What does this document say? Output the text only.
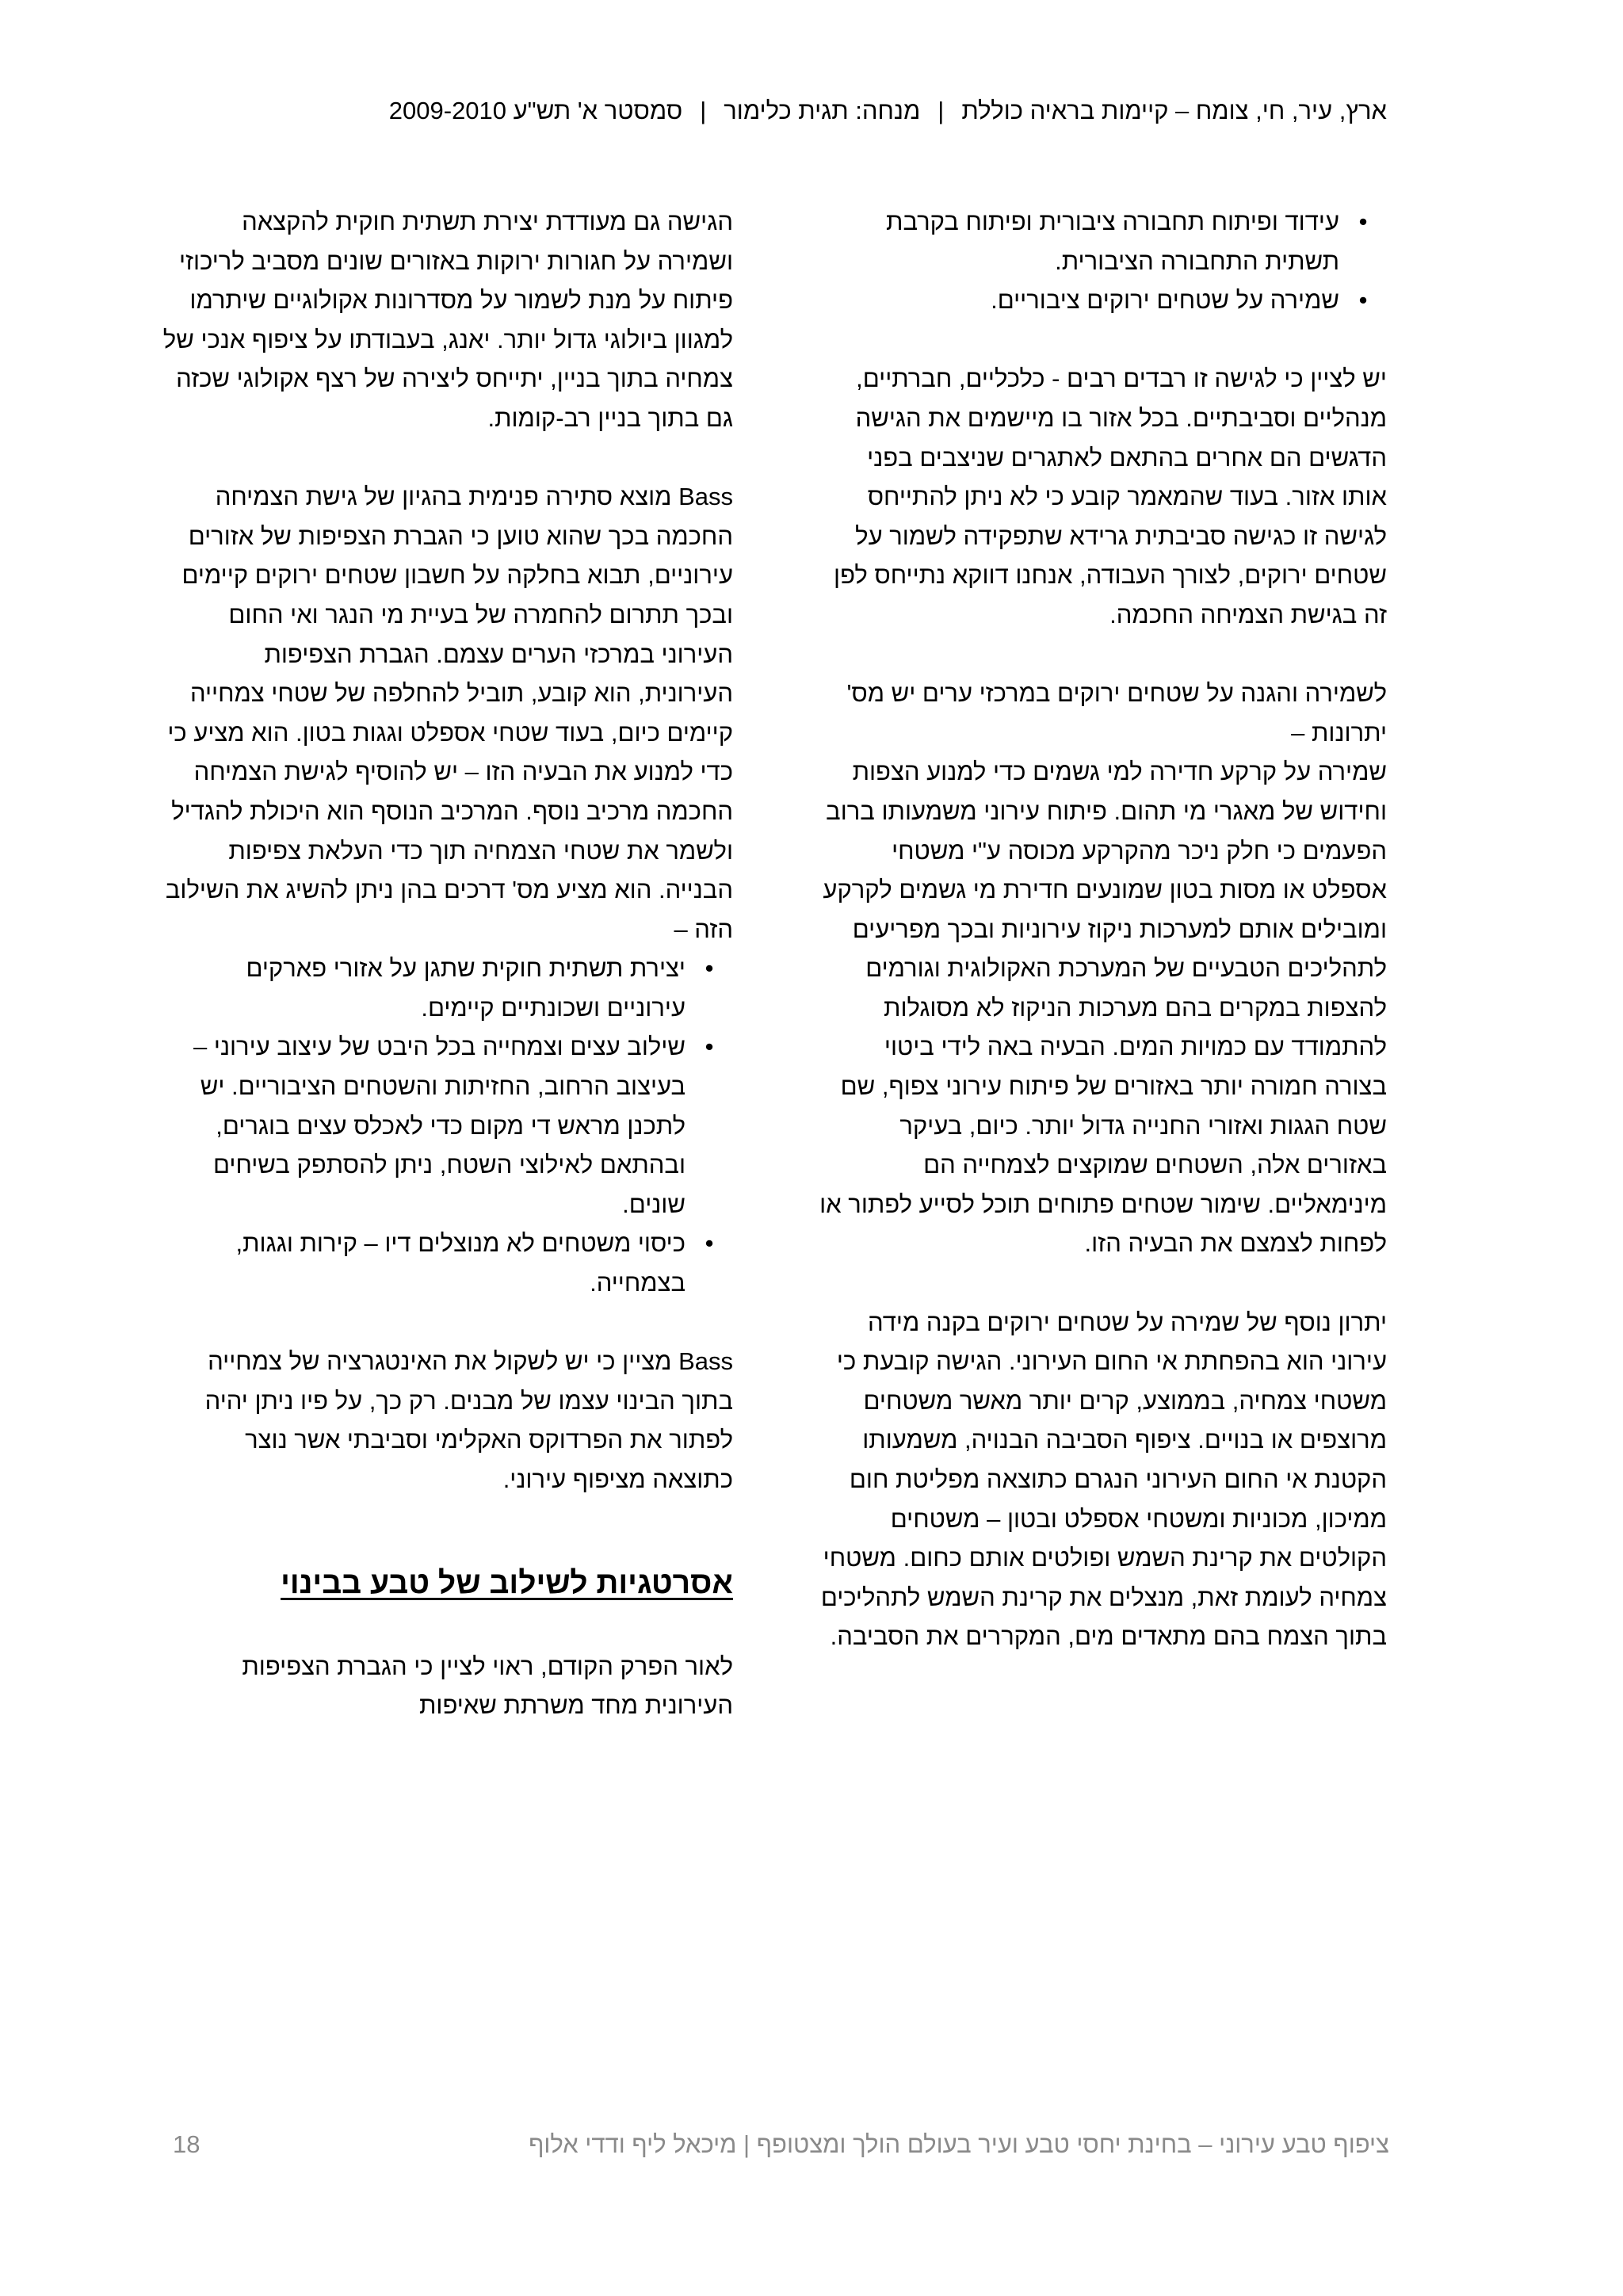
ארץ, עיר, חי, צומח – קיימות בראיה כוללת|מנחה: תגית כלימור|סמסטר א' תש"ע 2009-2010
• עידוד ופיתוח תחבורה ציבורית ופיתוח בקרבת תשתית התחבורה הציבורית.
• שמירה על שטחים ירוקים ציבוריים.

יש לציין כי לגישה זו רבדים רבים - כלכליים, חברתיים, מנהליים וסביבתיים. בכל אזור בו מיישמים את הגישה הדגשים הם אחרים בהתאם לאתגרים שניצבים בפני אותו אזור. בעוד שהמאמר קובע כי לא ניתן להתייחס לגישה זו כגישה סביבתית גרידא שתפקידה לשמור על שטחים ירוקים, לצורך העבודה, אנחנו דווקא נתייחס לפן זה בגישת הצמיחה החכמה.

לשמירה והגנה על שטחים ירוקים במרכזי ערים יש מס' יתרונות –

שמירה על קרקע חדירה למי גשמים כדי למנוע הצפות וחידוש של מאגרי מי תהום. פיתוח עירוני משמעותו ברוב הפעמים כי חלק ניכר מהקרקע מכוסה ע"י משטחי אספלט או מסות בטון שמונעים חדירת מי גשמים לקרקע ומובילים אותם למערכות ניקוז עירוניות ובכך מפריעים לתהליכים הטבעיים של המערכת האקולוגית וגורמים להצפות במקרים בהם מערכות הניקוז לא מסוגלות להתמודד עם כמויות המים. הבעיה באה לידי ביטוי בצורה חמורה יותר באזורים של פיתוח עירוני צפוף, שם שטח הגגות ואזורי החנייה גדול יותר. כיום, בעיקר באזורים אלה, השטחים שמוקצים לצמחייה הם מינימאליים. שימור שטחים פתוחים תוכל לסייע לפתור או לפחות לצמצם את הבעיה הזו.

יתרון נוסף של שמירה על שטחים ירוקים בקנה מידה עירוני הוא בהפחתת אי החום העירוני. הגישה קובעת כי משטחי צמחיה, בממוצע, קרים יותר מאשר משטחים מרוצפים או בנויים. ציפוף הסביבה הבנויה, משמעותו הקטנת אי החום העירוני הנגרם כתוצאה מפליטת חום ממיכון, מכוניות ומשטחי אספלט ובטון – משטחים הקולטים את קרינת השמש ופולטים אותם כחום. משטחי צמחיה לעומת זאת, מנצלים את קרינת השמש לתהליכים בתוך הצמח בהם מתאדים מים, המקררים את הסביבה.

הגישה גם מעודדת יצירת תשתית חוקית להקצאה ושמירה על חגורות ירוקות באזורים שונים מסביב לריכוזי פיתוח על מנת לשמור על מסדרונות אקולוגיים שיתרמו למגוון ביולוגי גדול יותר. יאנג, בעבודתו על ציפוף אנכי של צמחיה בתוך בניין, יתייחס ליצירה של רצף אקולוגי שכזה גם בתוך בניין רב-קומות.

Bass מוצא סתירה פנימית בהגיון של גישת הצמיחה החכמה בכך שהוא טוען כי הגברת הצפיפות של אזורים עירוניים, תבוא בחלקה על חשבון שטחים ירוקים קיימים ובכך תתרום להחמרה של בעיית מי הנגר ואי החום העירוני במרכזי הערים עצמם. הגברת הצפיפות העירונית, הוא קובע, תוביל להחלפה של שטחי צמחייה קיימים כיום, בעוד שטחי אספלט וגגות בטון. הוא מציע כי כדי למנוע את הבעיה הזו – יש להוסיף לגישת הצמיחה החכמה מרכיב נוסף. המרכיב הנוסף הוא היכולת להגדיל ולשמר את שטחי הצמחיה תוך כדי העלאת צפיפות הבנייה. הוא מציע מס' דרכים בהן ניתן להשיג את השילוב הזה –

• יצירת תשתית חוקית שתגן על אזורי פארקים עירוניים ושכונתיים קיימים.
• שילוב עצים וצמחייה בכל היבט של עיצוב עירוני – בעיצוב הרחוב, החזיתות והשטחים הציבוריים. יש לתכנן מראש די מקום כדי לאכלס עצים בוגרים, ובהתאם לאילוצי השטח, ניתן להסתפק בשיחים שונים.
• כיסוי משטחים לא מנוצלים דיו – קירות וגגות, בצמחייה.

Bass מציין כי יש לשקול את האינטגרציה של צמחייה בתוך הבינוי עצמו של מבנים. רק כך, על פיו ניתן יהיה לפתור את הפרדוקס האקלימי וסביבתי אשר נוצר כתוצאה מציפוף עירוני.

אסרטגיות לשילוב של טבע בבינוי

לאור הפרק הקודם, ראוי לציין כי הגברת הצפיפות העירונית מחד משרתת שאיפות

ציפוף טבע עירוני – בחינת יחסי טבע ועיר בעולם הולך ומצטופף | מיכאל ליף ודדי אלוף
18
